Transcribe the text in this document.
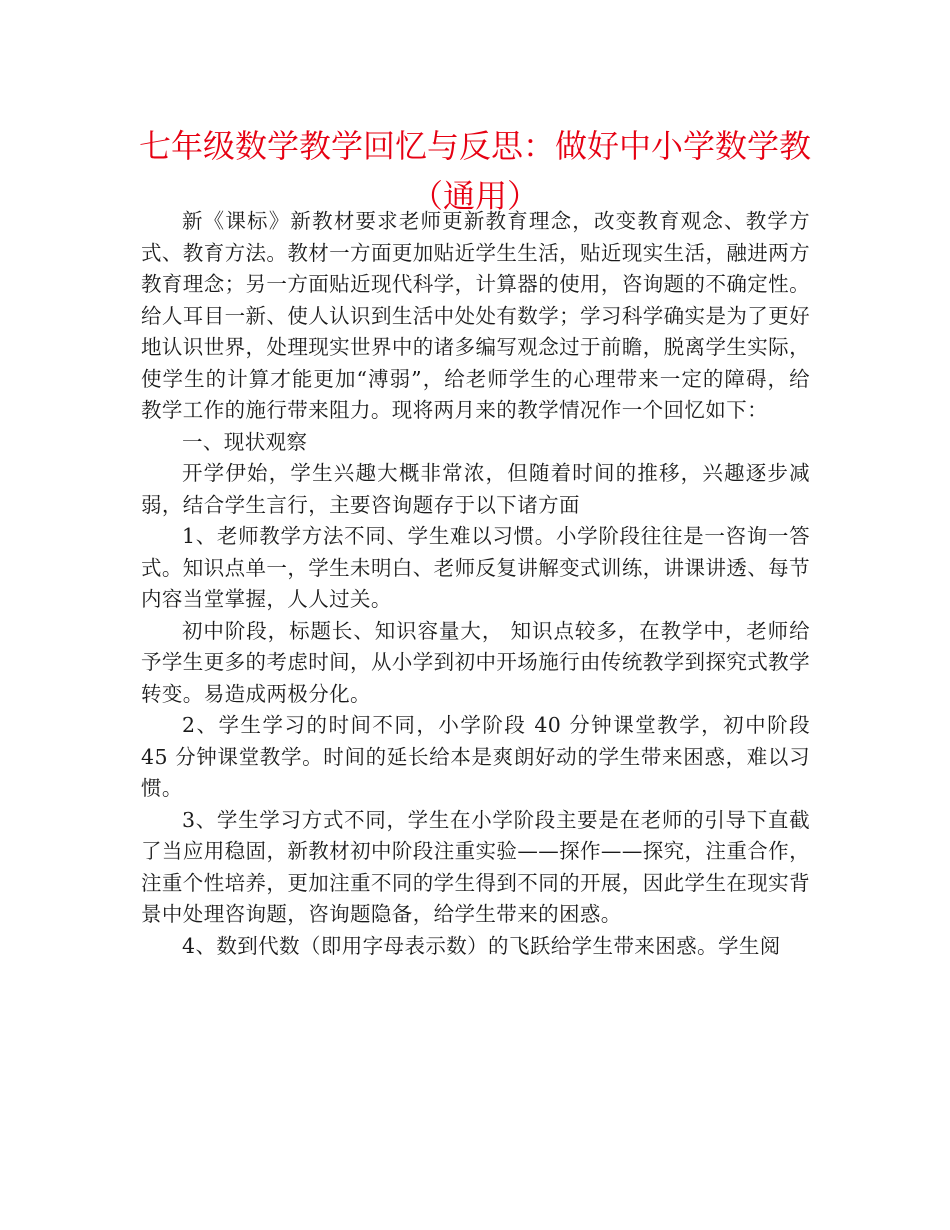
七年级数学教学回忆与反思：做好中小学数学教
（通用）

新《课标》新教材要求老师更新教育理念，改变教育观念、教学方式、教育方法。教材一方面更加贴近学生生活，贴近现实生活，融进两方教育理念；另一方面贴近现代科学，计算器的使用，咨询题的不确定性。给人耳目一新、使人认识到生活中处处有数学；学习科学确实是为了更好地认识世界，处理现实世界中的诸多编写观念过于前瞻，脱离学生实际，使学生的计算才能更加“溥弱”，给老师学生的心理带来一定的障碍，给教学工作的施行带来阻力。现将两月来的教学情况作一个回忆如下：

一、现状观察

开学伊始，学生兴趣大概非常浓，但随着时间的推移，兴趣逐步减弱，结合学生言行，主要咨询题存于以下诸方面

1、老师教学方法不同、学生难以习惯。小学阶段往往是一咨询一答式。知识点单一，学生未明白、老师反复讲解变式训练，讲课讲透、每节内容当堂掌握，人人过关。

初中阶段，标题长、知识容量大， 知识点较多，在教学中，老师给予学生更多的考虑时间，从小学到初中开场施行由传统教学到探究式教学转变。易造成两极分化。

2、学生学习的时间不同，小学阶段 40 分钟课堂教学，初中阶段 45 分钟课堂教学。时间的延长给本是爽朗好动的学生带来困惑，难以习惯。

3、学生学习方式不同，学生在小学阶段主要是在老师的引导下直截了当应用稳固，新教材初中阶段注重实验——探作——探究，注重合作，注重个性培养，更加注重不同的学生得到不同的开展，因此学生在现实背景中处理咨询题，咨询题隐备，给学生带来的困惑。

4、数到代数（即用字母表示数）的飞跃给学生带来困惑。学生阅
